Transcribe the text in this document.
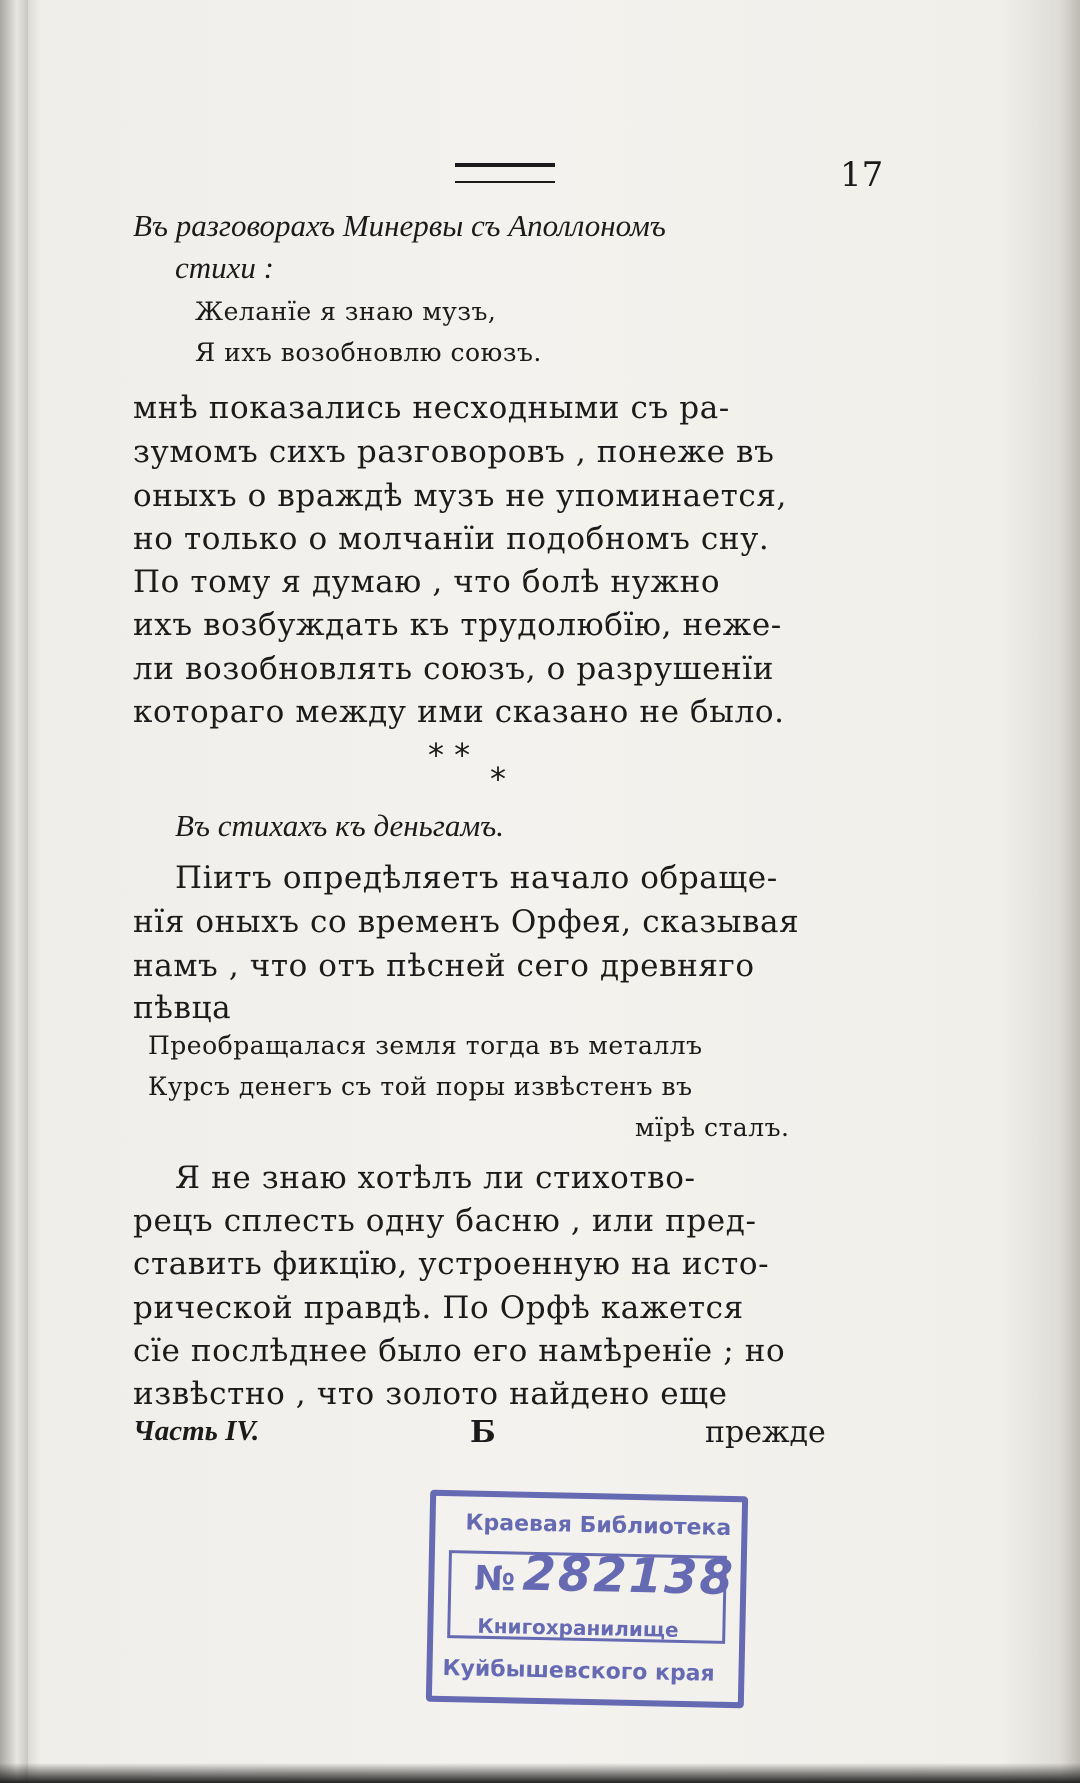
17
Въ разговорахъ Минервы съ Аполлономъ
стихи :
Желанïе я знаю музъ,
Я ихъ возобновлю союзъ.
мнѣ показались несходными съ ра-
зумомъ сихъ разговоровъ , понеже въ
оныхъ о враждѣ музъ не упоминается,
но только о молчанïи подобномъ сну.
По тому я думаю , что болѣ нужно
ихъ возбуждать къ трудолюбïю, нежe-
ли возобновлять союзъ, о разрушенïи
котораго между ими сказано не было.
* *
*
Въ стихахъ къ деньгамъ.
Пiитъ опредѣляетъ начало обраще-
нïя оныхъ со временъ Орфея, сказывая
намъ , что отъ пѣсней сего древняго
пѣвца
Преобращалася земля тогда въ металлъ
Курсъ денегъ съ той поры извѣстенъ въ
мïрѣ сталъ.
Я не знаю хотѣлъ ли стихотво-
рецъ сплесть одну басню , или пред-
ставить фикцïю, устроенную на исто-
рической правдѣ. По Орфѣ кажется
сïе послѣднее было его намѣренïе ; но
извѣстно , что золото найдено еще
Часть IV.	Б	прежде
Краевая Библиотека
№ 282138
Книгохранилище
Куйбышевского края
